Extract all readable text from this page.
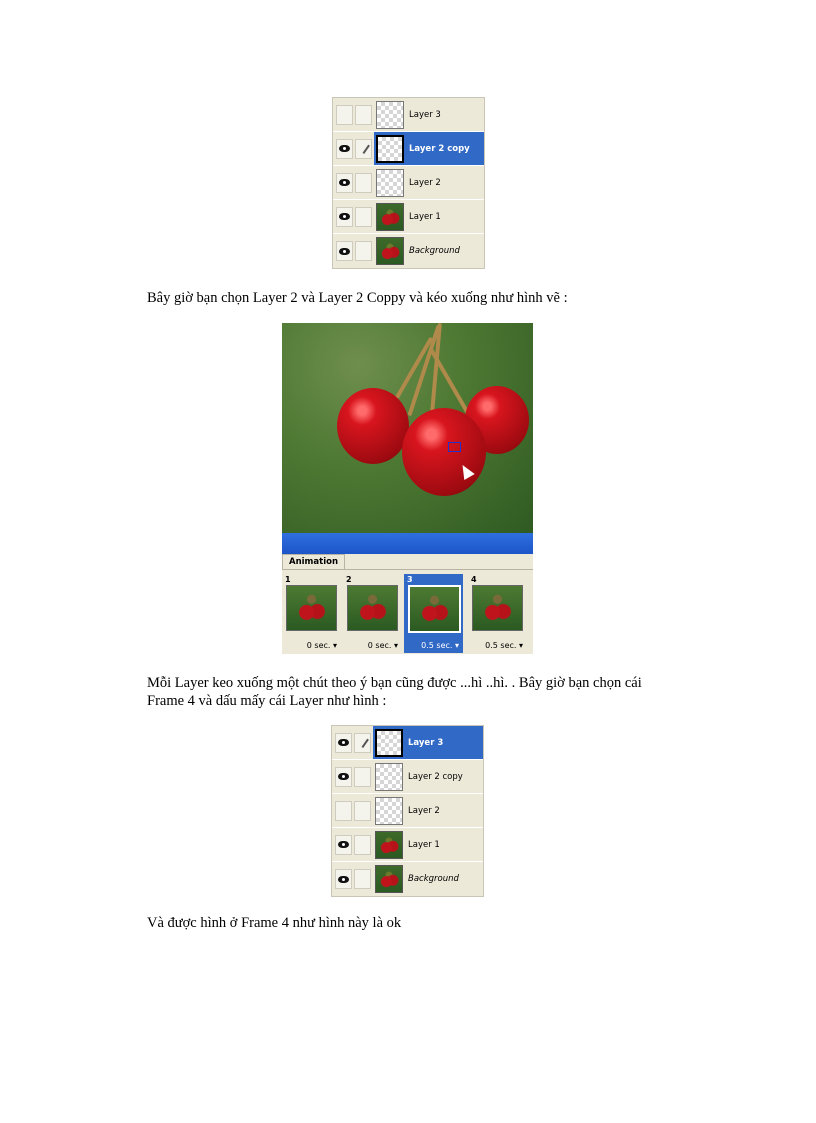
Layer 3
Layer 2 copy
Layer 2
Layer 1
Background

Bây giờ bạn chọn Layer 2 và Layer 2 Coppy và kéo xuống như hình vẽ :

Animation
1
0 sec. ▾
2
0 sec. ▾
3
0.5 sec. ▾
4
0.5 sec. ▾

Mỗi Layer keo xuống một chút theo ý bạn cũng được ...hì ..hì. . Bây giờ bạn chọn cái

Frame 4 và dấu mấy cái Layer như hình :

Layer 3
Layer 2 copy
Layer 2
Layer 1
Background

Và được hình ở Frame 4 như hình này là ok
